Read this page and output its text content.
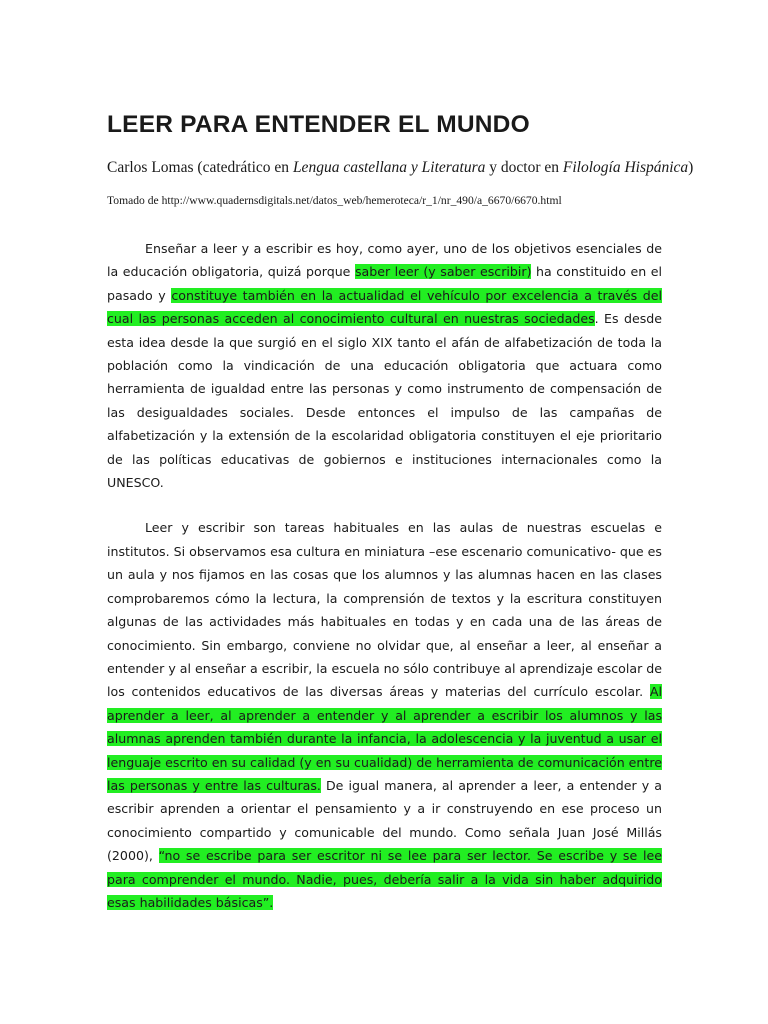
LEER PARA ENTENDER EL MUNDO
Carlos Lomas (catedrático en Lengua castellana y Literatura y doctor en Filología Hispánica)
Tomado de http://www.quadernsdigitals.net/datos_web/hemeroteca/r_1/nr_490/a_6670/6670.html

Enseñar a leer y a escribir es hoy, como ayer, uno de los objetivos esenciales de la educación obligatoria, quizá porque saber leer (y saber escribir) ha constituido en el pasado y constituye también en la actualidad el vehículo por excelencia a través del cual las personas acceden al conocimiento cultural en nuestras sociedades. Es desde esta idea desde la que surgió en el siglo XIX tanto el afán de alfabetización de toda la población como la vindicación de una educación obligatoria que actuara como herramienta de igualdad entre las personas y como instrumento de compensación de las desigualdades sociales. Desde entonces el impulso de las campañas de alfabetización y la extensión de la escolaridad obligatoria constituyen el eje prioritario de las políticas educativas de gobiernos e instituciones internacionales como la UNESCO.

Leer y escribir son tareas habituales en las aulas de nuestras escuelas e institutos. Si observamos esa cultura en miniatura –ese escenario comunicativo- que es un aula y nos fijamos en las cosas que los alumnos y las alumnas hacen en las clases comprobaremos cómo la lectura, la comprensión de textos y la escritura constituyen algunas de las actividades más habituales en todas y en cada una de las áreas de conocimiento. Sin embargo, conviene no olvidar que, al enseñar a leer, al enseñar a entender y al enseñar a escribir, la escuela no sólo contribuye al aprendizaje escolar de los contenidos educativos de las diversas áreas y materias del currículo escolar. Al aprender a leer, al aprender a entender y al aprender a escribir los alumnos y las alumnas aprenden también durante la infancia, la adolescencia y la juventud a usar el lenguaje escrito en su calidad (y en su cualidad) de herramienta de comunicación entre las personas y entre las culturas. De igual manera, al aprender a leer, a entender y a escribir aprenden a orientar el pensamiento y a ir construyendo en ese proceso un conocimiento compartido y comunicable del mundo. Como señala Juan José Millás (2000), “no se escribe para ser escritor ni se lee para ser lector. Se escribe y se lee para comprender el mundo. Nadie, pues, debería salir a la vida sin haber adquirido esas habilidades básicas”.
